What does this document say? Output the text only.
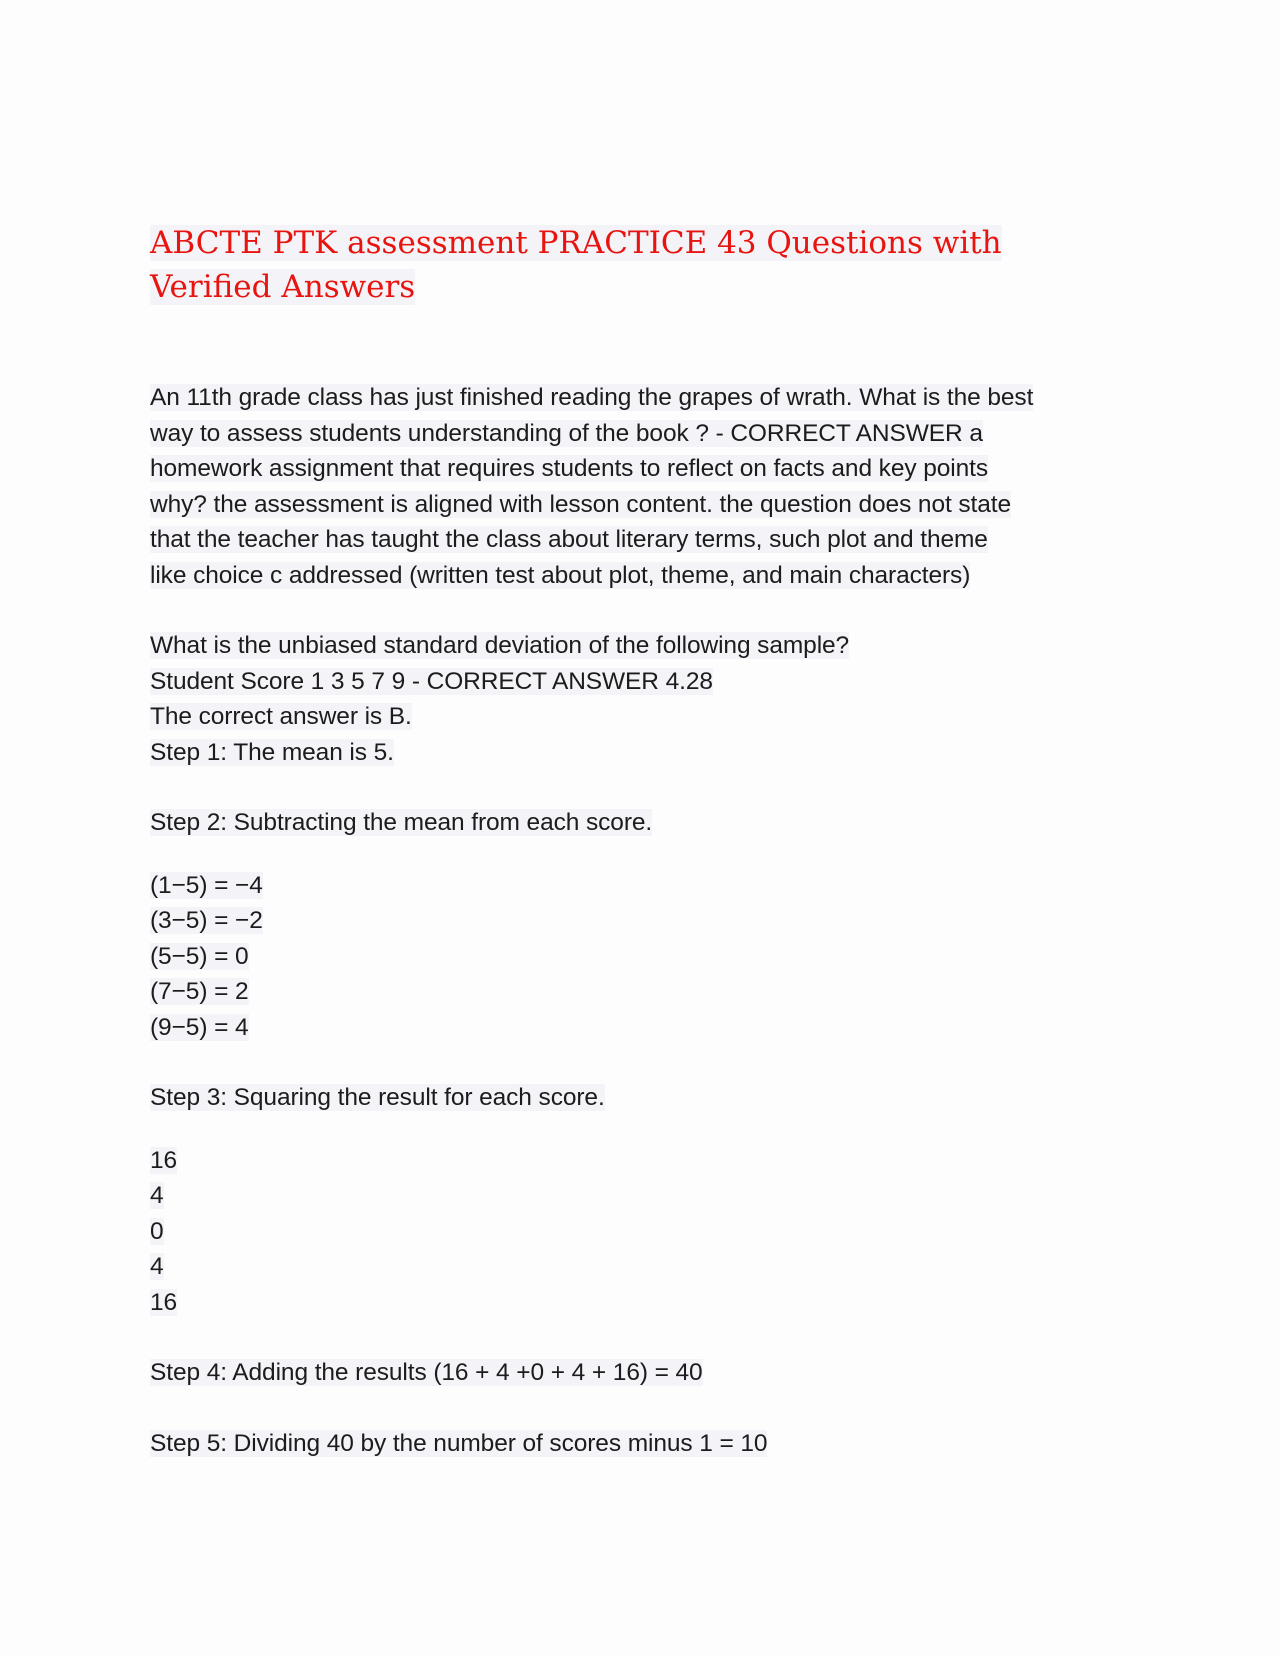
ABCTE PTK assessment PRACTICE 43 Questions with
Verified Answers
An 11th grade class has just finished reading the grapes of wrath. What is the best
way to assess students understanding of the book ? - CORRECT ANSWER a
homework assignment that requires students to reflect on facts and key points
why? the assessment is aligned with lesson content. the question does not state
that the teacher has taught the class about literary terms, such plot and theme
like choice c addressed (written test about plot, theme, and main characters)
What is the unbiased standard deviation of the following sample?
Student Score 1 3 5 7 9 - CORRECT ANSWER 4.28
The correct answer is B.
Step 1: The mean is 5.
Step 2: Subtracting the mean from each score.
(1−5) = −4
(3−5) = −2
(5−5) = 0
(7−5) = 2
(9−5) = 4
Step 3: Squaring the result for each score.
16
4
0
4
16
Step 4: Adding the results (16 + 4 +0 + 4 + 16) = 40
Step 5: Dividing 40 by the number of scores minus 1 = 10
